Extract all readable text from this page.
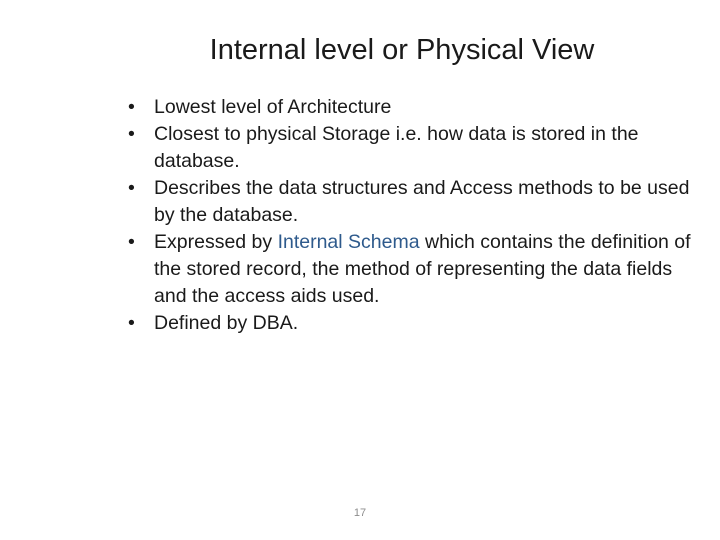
Internal level or Physical View
• Lowest level of Architecture
• Closest to physical Storage i.e. how data is stored in the database.
• Describes the data structures and Access methods to be used by the database.
• Expressed by Internal Schema which contains the definition of the stored record, the method of representing the data fields and the access aids used.
• Defined by DBA.
17
